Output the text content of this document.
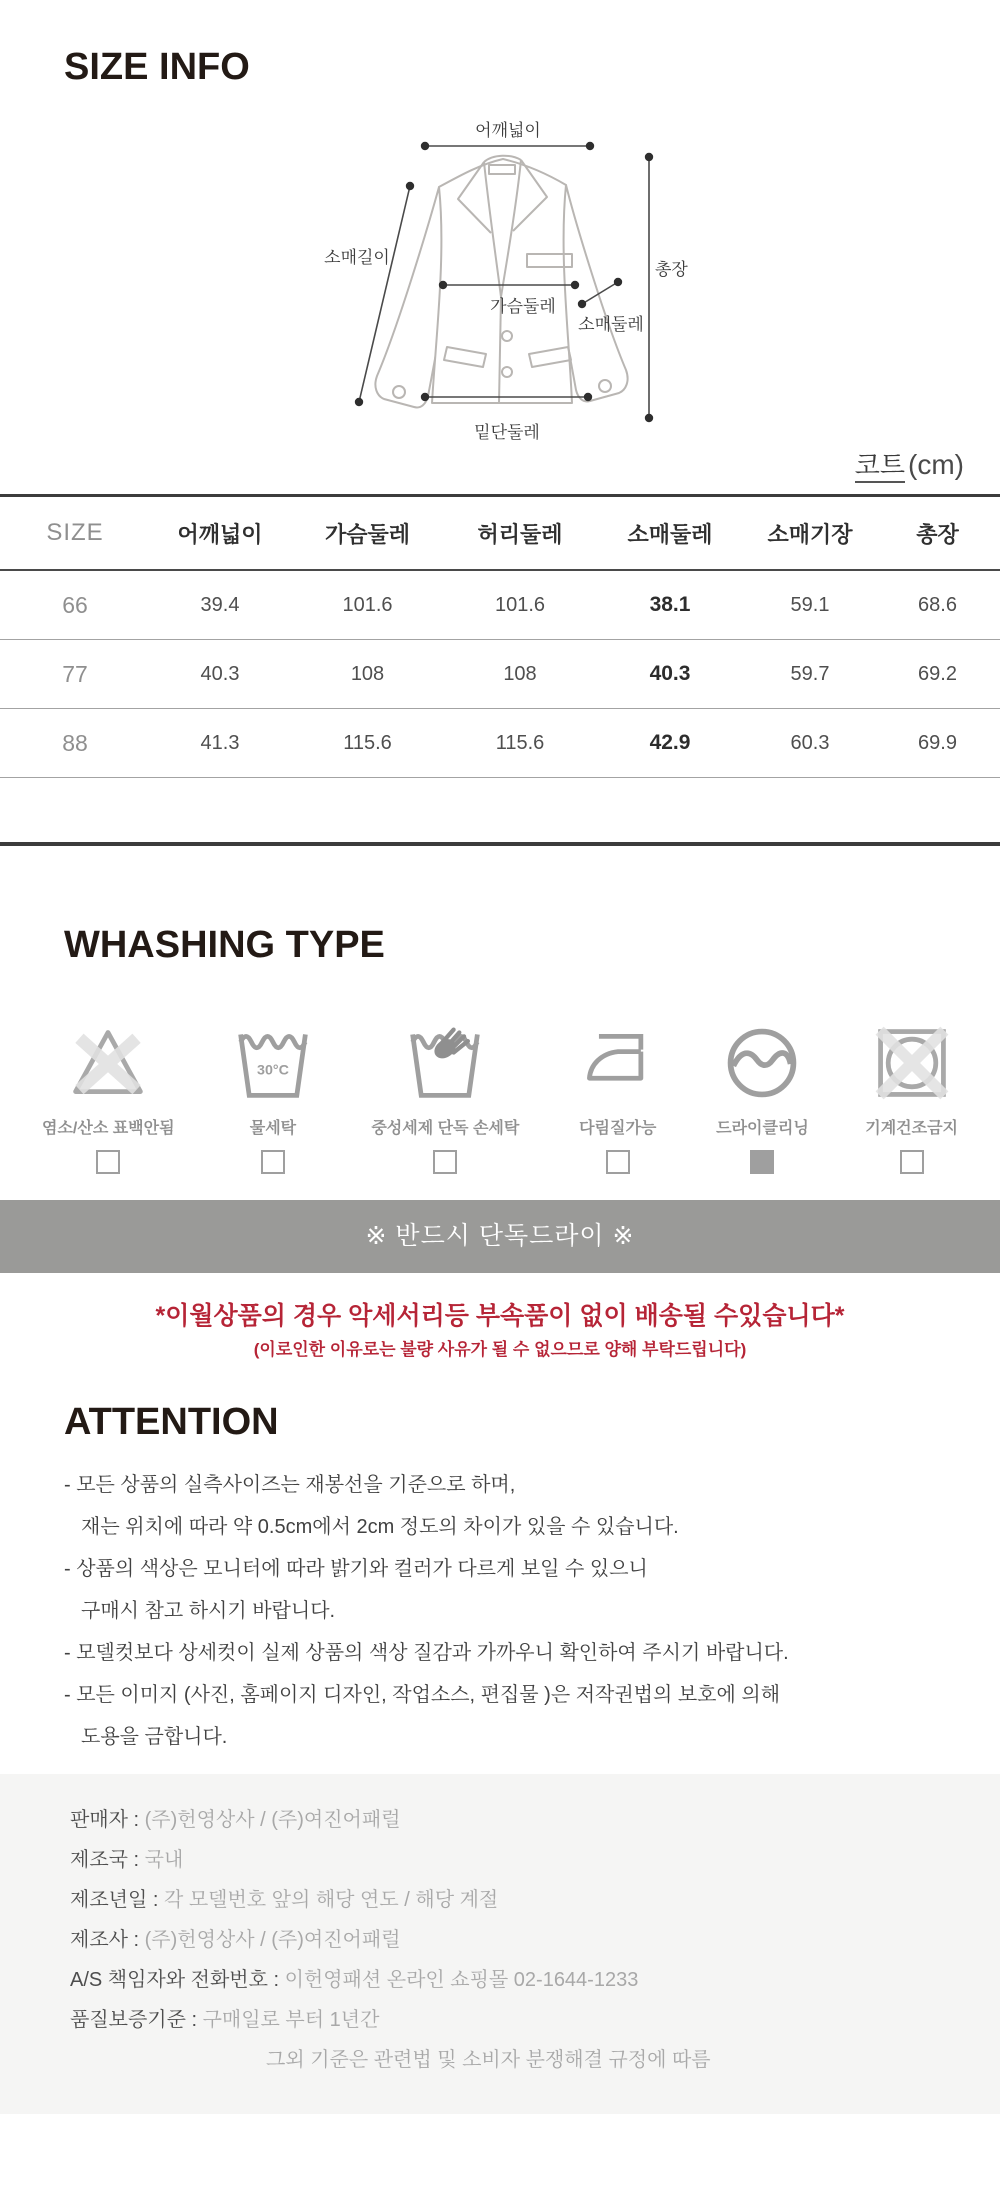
SIZE INFO
어깨넓이
소매길이
가슴둘레
소매둘레
총장
밑단둘레
코트 (cm)
SIZE	어깨넓이	가슴둘레	허리둘레	소매둘레	소매기장	총장
66	39.4	101.6	101.6	38.1	59.1	68.6
77	40.3	108	108	40.3	59.7	69.2
88	41.3	115.6	115.6	42.9	60.3	69.9

WHASHING TYPE
염소/산소 표백안됨
30°C
물세탁	중성세제 단독 손세탁	다림질가능	드라이클리닝	기계건조금지
※ 반드시 단독드라이 ※
*이월상품의 경우 악세서리등 부속품이 없이 배송될 수있습니다*
(이로인한 이유로는 불량 사유가 될 수 없으므로 양해 부탁드립니다)
ATTENTION
- 모든 상품의 실측사이즈는 재봉선을 기준으로 하며,
재는 위치에 따라 약 0.5cm에서 2cm 정도의 차이가 있을 수 있습니다.
- 상품의 색상은 모니터에 따라 밝기와 컬러가 다르게 보일 수 있으니
구매시 참고 하시기 바랍니다.
- 모델컷보다 상세컷이 실제 상품의 색상 질감과 가까우니 확인하여 주시기 바랍니다.
- 모든 이미지 (사진, 홈페이지 디자인, 작업소스, 편집물 )은 저작권법의 보호에 의해
도용을 금합니다.
판매자 : (주)헌영상사 / (주)여진어패럴
제조국 : 국내
제조년일 : 각 모델번호 앞의 해당 연도 / 해당 계절
제조사 : (주)헌영상사 / (주)여진어패럴
A/S 책임자와 전화번호 : 이헌영패션 온라인 쇼핑몰 02-1644-1233
품질보증기준 : 구매일로 부터 1년간
그외 기준은 관련법 및 소비자 분쟁해결 규정에 따름
